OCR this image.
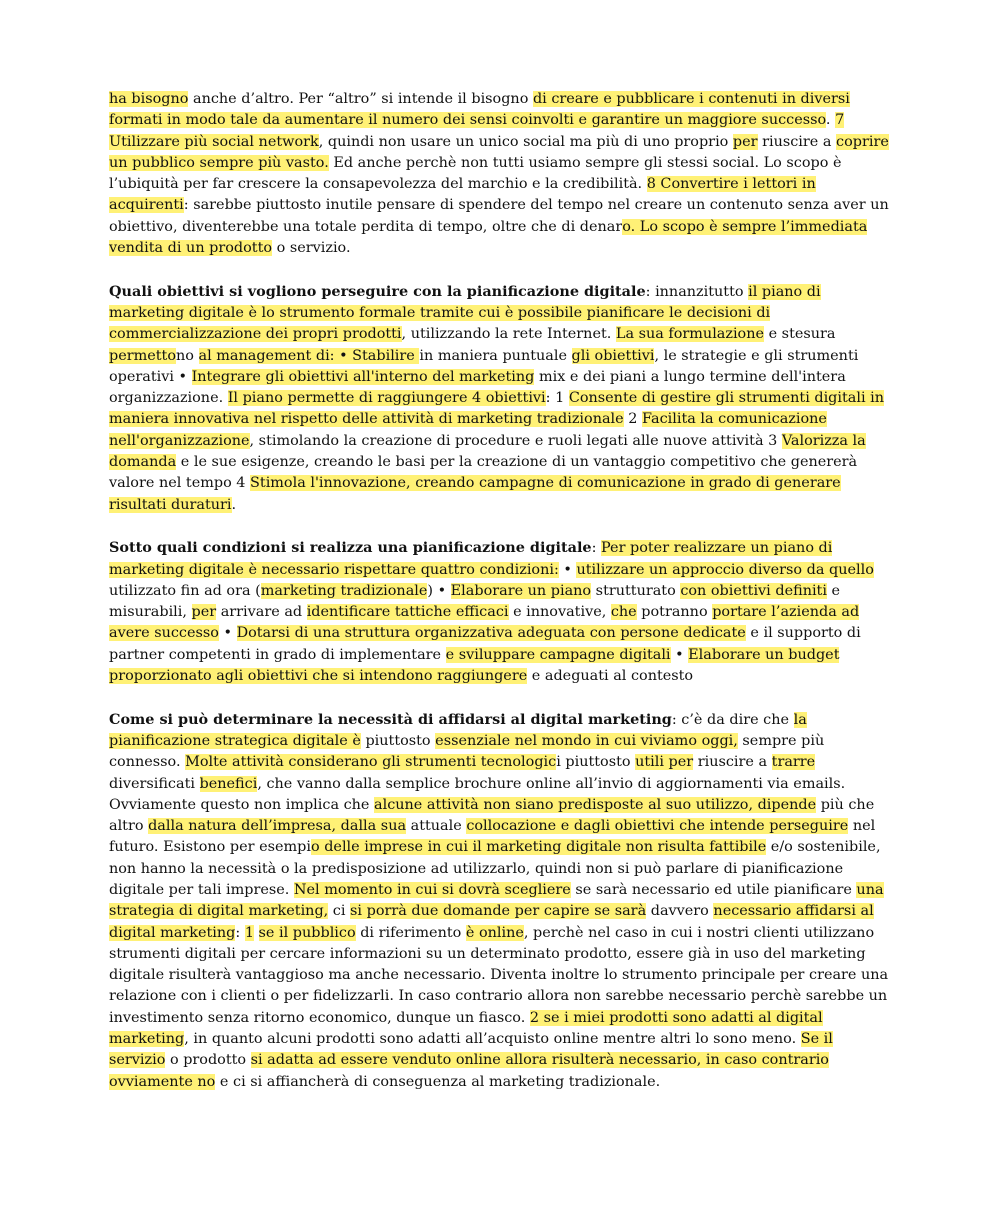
ha bisogno anche d’altro. Per “altro” si intende il bisogno di creare e pubblicare i contenuti in diversi formati in modo tale da aumentare il numero dei sensi coinvolti e garantire un maggiore successo. 7 Utilizzare più social network, quindi non usare un unico social ma più di uno proprio per riuscire a coprire un pubblico sempre più vasto. Ed anche perchè non tutti usiamo sempre gli stessi social. Lo scopo è l’ubiquità per far crescere la consapevolezza del marchio e la credibilità. 8 Convertire i lettori in acquirenti: sarebbe piuttosto inutile pensare di spendere del tempo nel creare un contenuto senza aver un obiettivo, diventerebbe una totale perdita di tempo, oltre che di denaro. Lo scopo è sempre l’immediata vendita di un prodotto o servizio.

Quali obiettivi si vogliono perseguire con la pianificazione digitale: innanzitutto il piano di marketing digitale è lo strumento formale tramite cui è possibile pianificare le decisioni di commercializzazione dei propri prodotti, utilizzando la rete Internet. La sua formulazione e stesura permettono al management di: • Stabilire in maniera puntuale gli obiettivi, le strategie e gli strumenti operativi • Integrare gli obiettivi all'interno del marketing mix e dei piani a lungo termine dell'intera organizzazione. Il piano permette di raggiungere 4 obiettivi: 1 Consente di gestire gli strumenti digitali in maniera innovativa nel rispetto delle attività di marketing tradizionale 2 Facilita la comunicazione nell'organizzazione, stimolando la creazione di procedure e ruoli legati alle nuove attività 3 Valorizza la domanda e le sue esigenze, creando le basi per la creazione di un vantaggio competitivo che genererà valore nel tempo 4 Stimola l'innovazione, creando campagne di comunicazione in grado di generare risultati duraturi.

Sotto quali condizioni si realizza una pianificazione digitale: Per poter realizzare un piano di marketing digitale è necessario rispettare quattro condizioni: • utilizzare un approccio diverso da quello utilizzato fin ad ora (marketing tradizionale) • Elaborare un piano strutturato con obiettivi definiti e misurabili, per arrivare ad identificare tattiche efficaci e innovative, che potranno portare l’azienda ad avere successo • Dotarsi di una struttura organizzativa adeguata con persone dedicate e il supporto di partner competenti in grado di implementare e sviluppare campagne digitali • Elaborare un budget proporzionato agli obiettivi che si intendono raggiungere e adeguati al contesto

Come si può determinare la necessità di affidarsi al digital marketing: c’è da dire che la pianificazione strategica digitale è piuttosto essenziale nel mondo in cui viviamo oggi, sempre più connesso. Molte attività considerano gli strumenti tecnologici piuttosto utili per riuscire a trarre diversificati benefici, che vanno dalla semplice brochure online all’invio di aggiornamenti via emails. Ovviamente questo non implica che alcune attività non siano predisposte al suo utilizzo, dipende più che altro dalla natura dell’impresa, dalla sua attuale collocazione e dagli obiettivi che intende perseguire nel futuro. Esistono per esempio delle imprese in cui il marketing digitale non risulta fattibile e/o sostenibile, non hanno la necessità o la predisposizione ad utilizzarlo, quindi non si può parlare di pianificazione digitale per tali imprese. Nel momento in cui si dovrà scegliere se sarà necessario ed utile pianificare una strategia di digital marketing, ci si porrà due domande per capire se sarà davvero necessario affidarsi al digital marketing: 1 se il pubblico di riferimento è online, perchè nel caso in cui i nostri clienti utilizzano strumenti digitali per cercare informazioni su un determinato prodotto, essere già in uso del marketing digitale risulterà vantaggioso ma anche necessario. Diventa inoltre lo strumento principale per creare una relazione con i clienti o per fidelizzarli. In caso contrario allora non sarebbe necessario perchè sarebbe un investimento senza ritorno economico, dunque un fiasco. 2 se i miei prodotti sono adatti al digital marketing, in quanto alcuni prodotti sono adatti all’acquisto online mentre altri lo sono meno. Se il servizio o prodotto si adatta ad essere venduto online allora risulterà necessario, in caso contrario ovviamente no e ci si affiancherà di conseguenza al marketing tradizionale.
